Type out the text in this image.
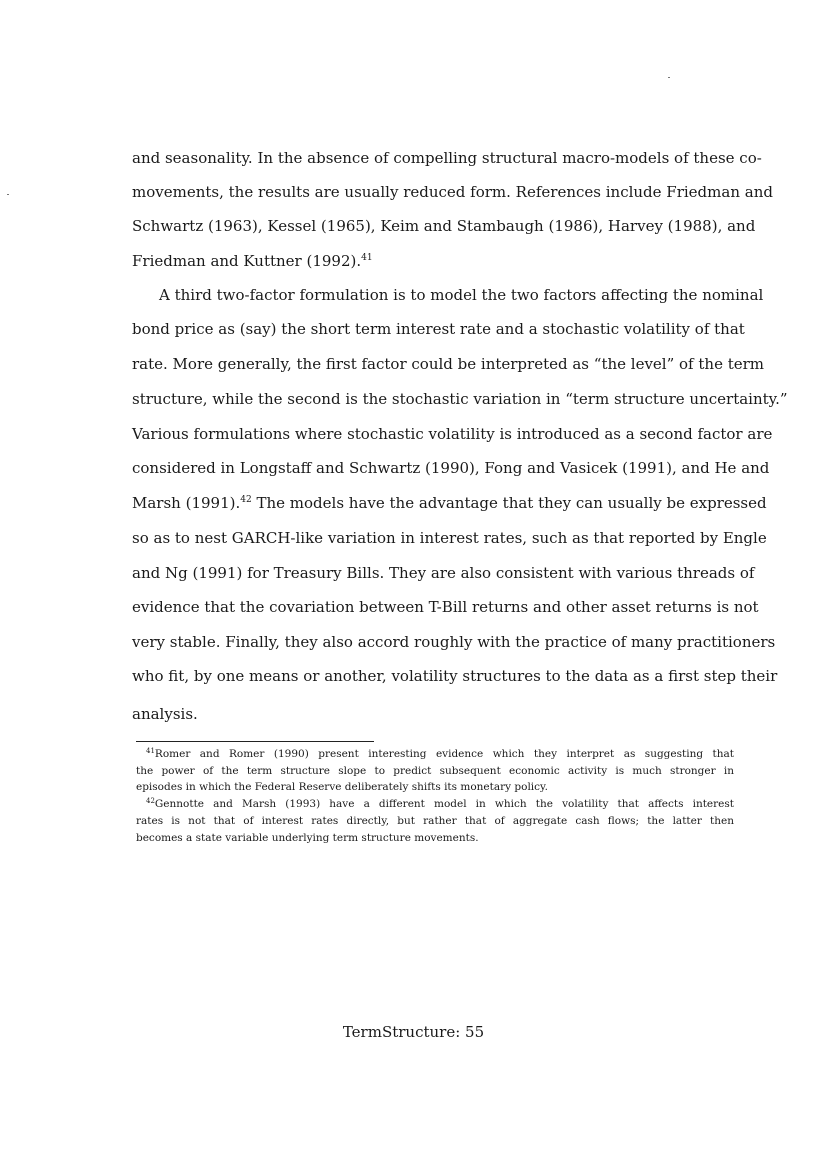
and seasonality. In the absence of compelling structural macro-models of these co-
movements, the results are usually reduced form. References include Friedman and
Schwartz (1963), Kessel (1965), Keim and Stambaugh (1986), Harvey (1988), and
Friedman and Kuttner (1992).$^{41}$
A third two-factor formulation is to model the two factors affecting the nominal
bond price as (say) the short term interest rate and a stochastic volatility of that
rate. More generally, the first factor could be interpreted as “the level” of the term
structure, while the second is the stochastic variation in “term structure uncertainty.”
Various formulations where stochastic volatility is introduced as a second factor are
considered in Longstaff and Schwartz (1990), Fong and Vasicek (1991), and He and
Marsh (1991).$^{42}$ The models have the advantage that they can usually be expressed
so as to nest GARCH-like variation in interest rates, such as that reported by Engle
and Ng (1991) for Treasury Bills. They are also consistent with various threads of
evidence that the covariation between T-Bill returns and other asset returns is not
very stable. Finally, they also accord roughly with the practice of many practitioners
who fit, by one means or another, volatility structures to the data as a first step their
analysis.
$^{41}$Romer and Romer (1990) present interesting evidence which they interpret as suggesting that
the power of the term structure slope to predict subsequent economic activity is much stronger in
episodes in which the Federal Reserve deliberately shifts its monetary policy.
$^{42}$Gennotte and Marsh (1993) have a different model in which the volatility that affects interest
rates is not that of interest rates directly, but rather that of aggregate cash flows; the latter then
becomes a state variable underlying term structure movements.
TermStructure: 55
